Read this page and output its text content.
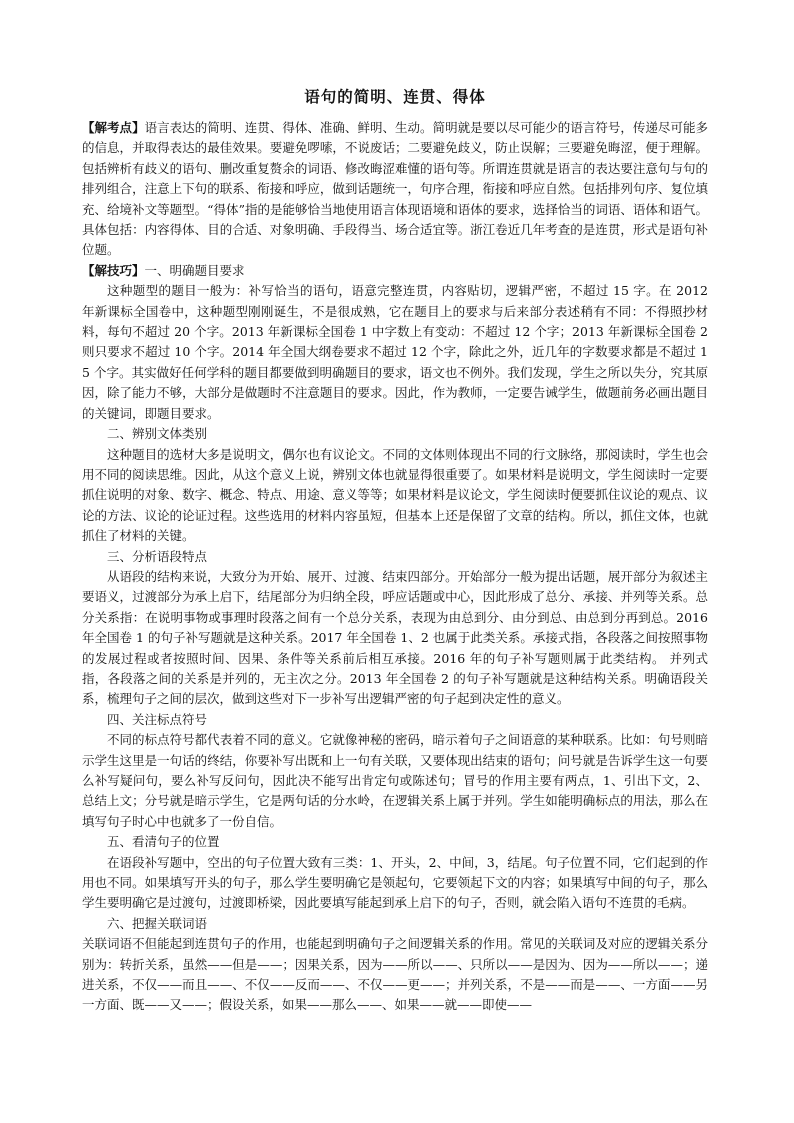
语句的简明、连贯、得体

【解考点】语言表达的简明、连贯、得体、准确、鲜明、生动。简明就是要以尽可能少的语言符号，传递尽可能多的信息，并取得表达的最佳效果。要避免啰嗦，不说废话；二要避免歧义，防止误解；三要避免晦涩，便于理解。包括辨析有歧义的语句、删改重复赘余的词语、修改晦涩难懂的语句等。所谓连贯就是语言的表达要注意句与句的排列组合，注意上下句的联系、衔接和呼应，做到话题统一，句序合理，衔接和呼应自然。包括排列句序、复位填充、给境补文等题型。“得体”指的是能够恰当地使用语言体现语境和语体的要求，选择恰当的词语、语体和语气。具体包括：内容得体、目的合适、对象明确、手段得当、场合适宜等。浙江卷近几年考查的是连贯，形式是语句补位题。

【解技巧】一、明确题目要求

这种题型的题目一般为：补写恰当的语句，语意完整连贯，内容贴切，逻辑严密，不超过 15 字。在 2012 年新课标全国卷中，这种题型刚刚诞生，不是很成熟，它在题目上的要求与后来部分表述稍有不同：不得照抄材料，每句不超过 20 个字。2013 年新课标全国卷 1 中字数上有变动：不超过 12 个字；2013 年新课标全国卷 2 则只要求不超过 10 个字。2014 年全国大纲卷要求不超过 12 个字，除此之外，近几年的字数要求都是不超过 15 个字。其实做好任何学科的题目都要做到明确题目的要求，语文也不例外。我们发现，学生之所以失分，究其原因，除了能力不够，大部分是做题时不注意题目的要求。因此，作为教师，一定要告诫学生，做题前务必画出题目的关键词，即题目要求。

二、辨别文体类别

这种题目的选材大多是说明文，偶尔也有议论文。不同的文体则体现出不同的行文脉络，那阅读时，学生也会用不同的阅读思维。因此，从这个意义上说，辨别文体也就显得很重要了。如果材料是说明文，学生阅读时一定要抓住说明的对象、数字、概念、特点、用途、意义等等；如果材料是议论文，学生阅读时便要抓住议论的观点、议论的方法、议论的论证过程。这些选用的材料内容虽短，但基本上还是保留了文章的结构。所以，抓住文体，也就抓住了材料的关键。

三、分析语段特点

从语段的结构来说，大致分为开始、展开、过渡、结束四部分。开始部分一般为提出话题，展开部分为叙述主要语义，过渡部分为承上启下，结尾部分为归纳全段，呼应话题或中心，因此形成了总分、承接、并列等关系。总分关系指：在说明事物或事理时段落之间有一个总分关系，表现为由总到分、由分到总、由总到分再到总。2016 年全国卷 1 的句子补写题就是这种关系。2017 年全国卷 1、2 也属于此类关系。承接式指，各段落之间按照事物的发展过程或者按照时间、因果、条件等关系前后相互承接。2016 年的句子补写题则属于此类结构。 并列式指，各段落之间的关系是并列的，无主次之分。2013 年全国卷 2 的句子补写题就是这种结构关系。明确语段关系，梳理句子之间的层次，做到这些对下一步补写出逻辑严密的句子起到决定性的意义。

四、关注标点符号

不同的标点符号都代表着不同的意义。它就像神秘的密码，暗示着句子之间语意的某种联系。比如：句号则暗示学生这里是一句话的终结，你要补写出既和上一句有关联，又要体现出结束的语句；问号就是告诉学生这一句要么补写疑问句，要么补写反问句，因此决不能写出肯定句或陈述句；冒号的作用主要有两点，1、引出下文，2、总结上文；分号就是暗示学生，它是两句话的分水岭，在逻辑关系上属于并列。学生如能明确标点的用法，那么在填写句子时心中也就多了一份自信。

五、看清句子的位置

在语段补写题中，空出的句子位置大致有三类：1、开头，2、中间，3，结尾。句子位置不同，它们起到的作用也不同。如果填写开头的句子，那么学生要明确它是领起句，它要领起下文的内容；如果填写中间的句子，那么学生要明确它是过渡句，过渡即桥梁，因此要填写能起到承上启下的句子，否则，就会陷入语句不连贯的毛病。

六、把握关联词语

关联词语不但能起到连贯句子的作用，也能起到明确句子之间逻辑关系的作用。常见的关联词及对应的逻辑关系分别为：转折关系，虽然——但是——；因果关系，因为——所以——、只所以——是因为、因为——所以——；递进关系，不仅——而且——、不仅——反而——、不仅——更——；并列关系，不是——而是——、一方面——另一方面、既——又——；假设关系，如果——那么——、如果——就——即使——
